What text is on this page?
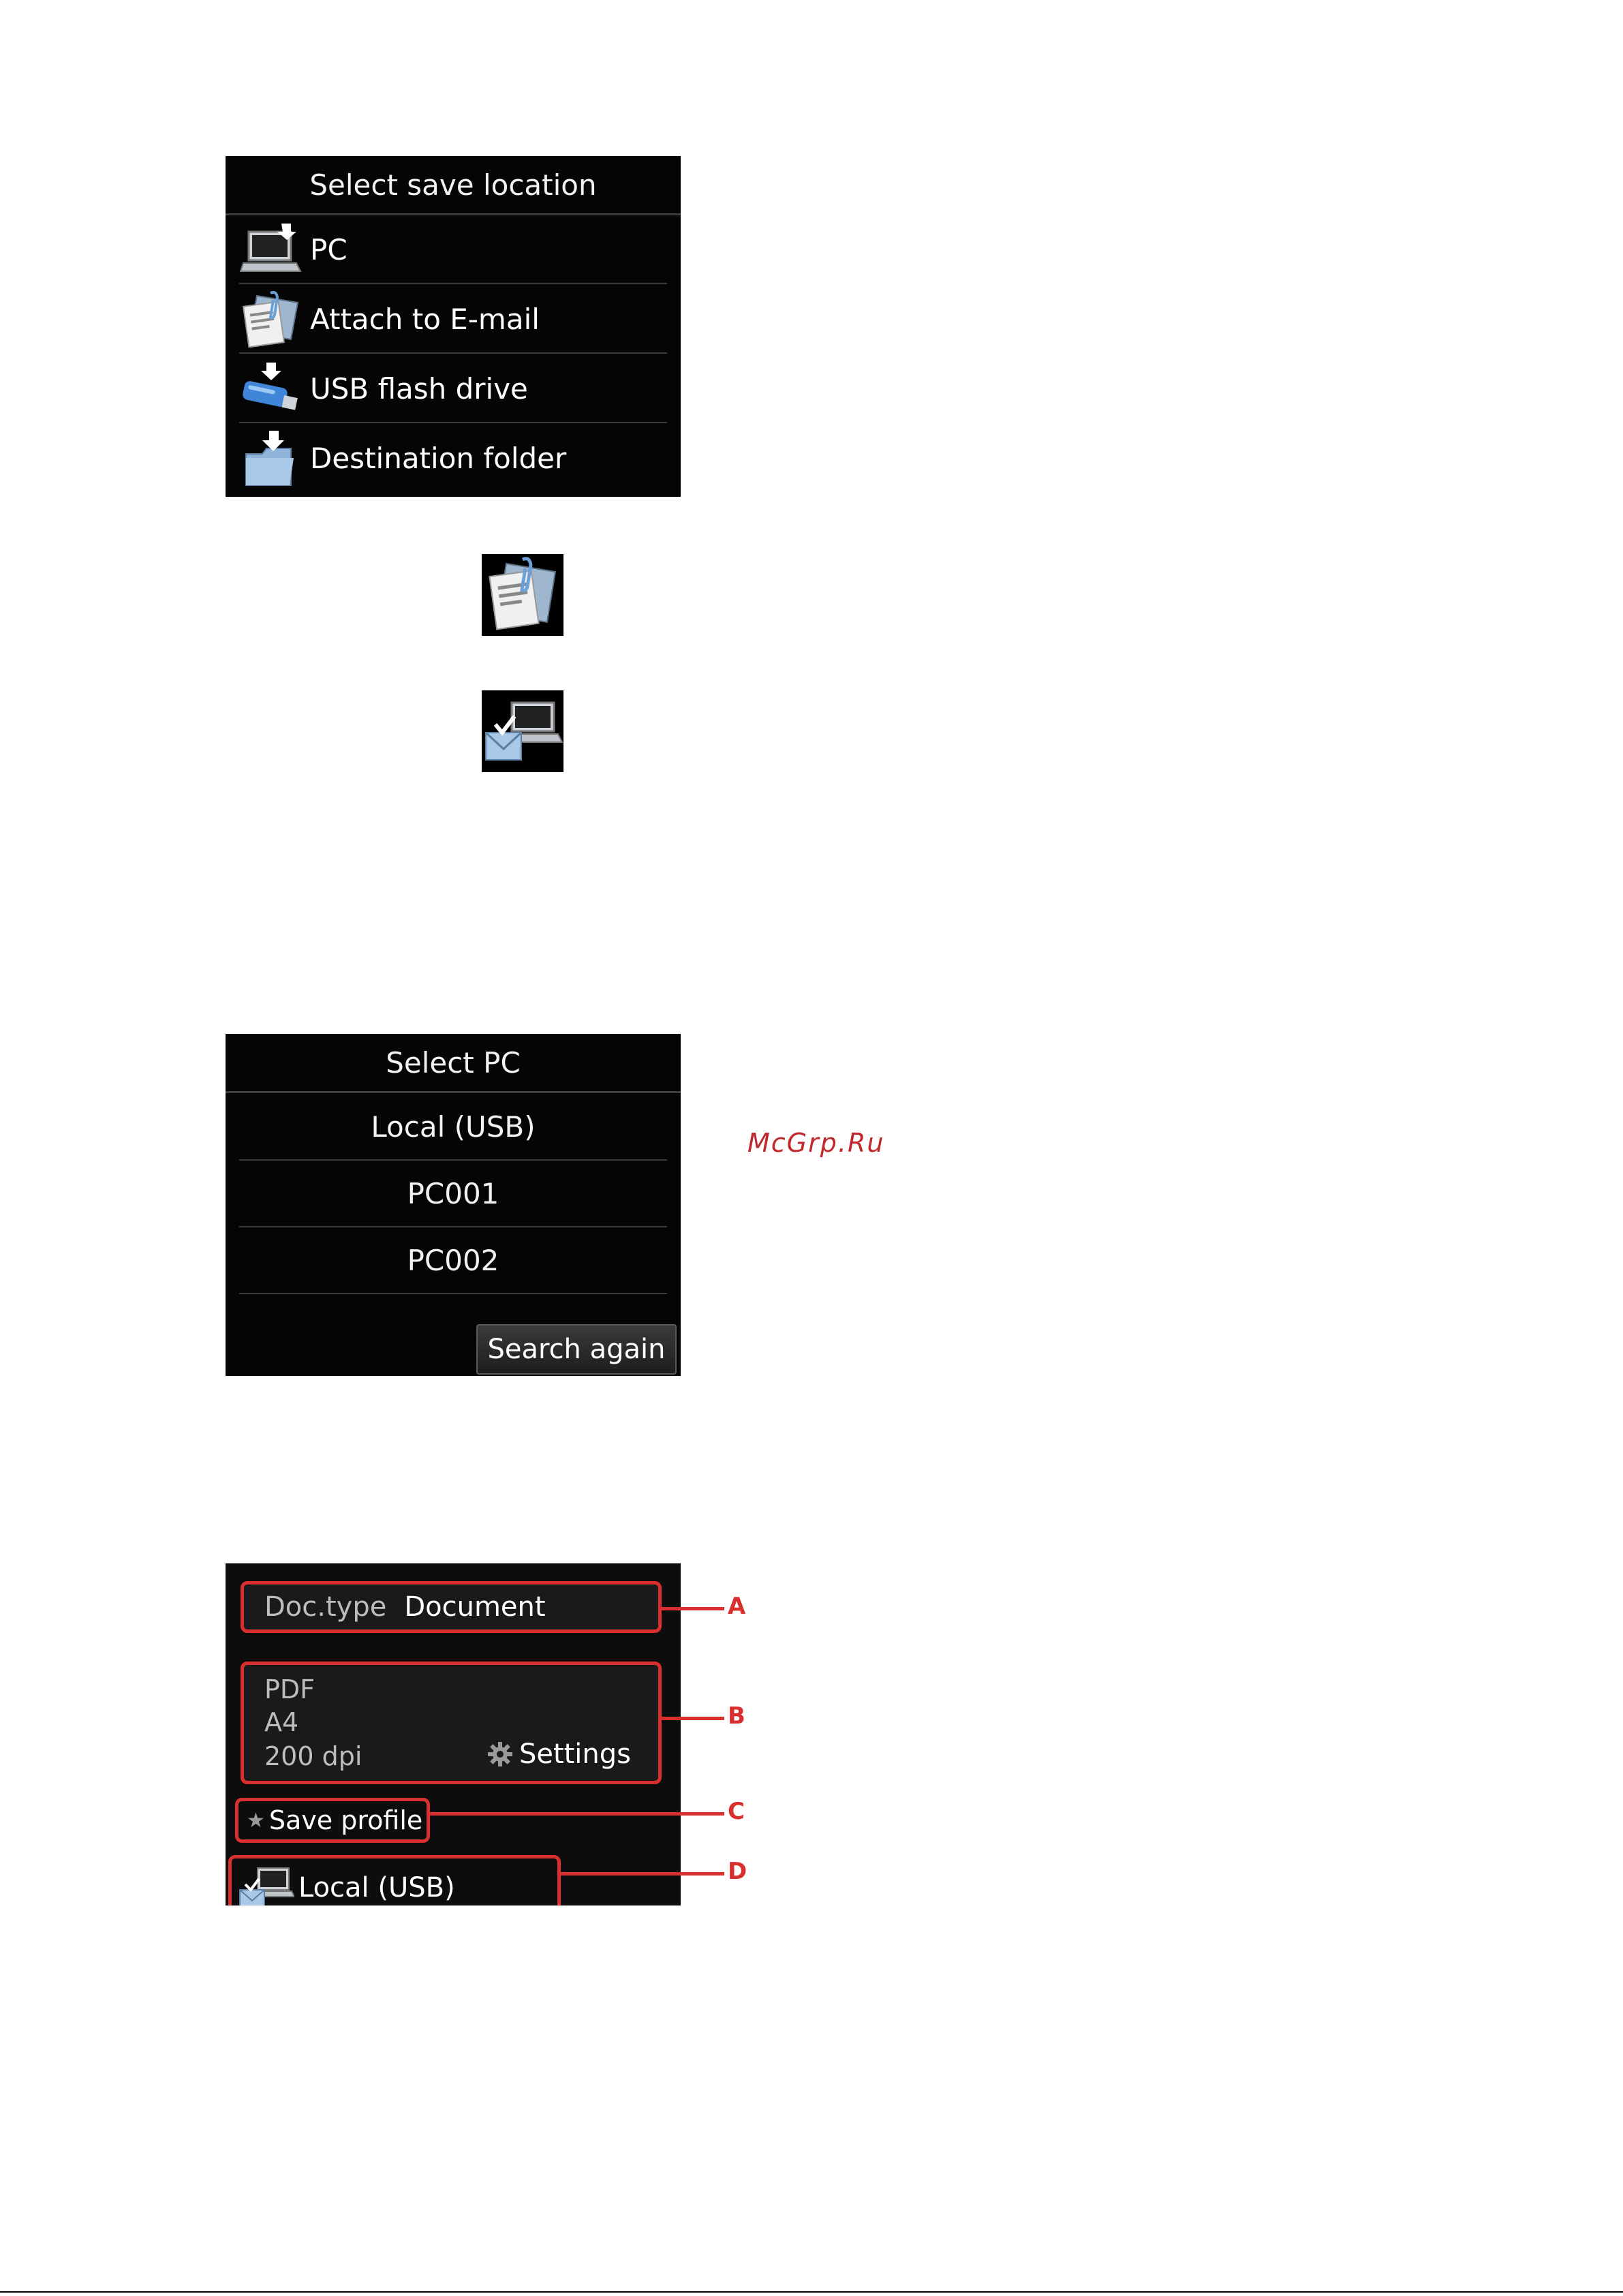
Select save location
PC
Attach to E-mail
USB flash drive
Destination folder
Select PC
Local (USB)
PC001
PC002
Search again
McGrp.Ru
Doc.type Document
PDF
A4
200 dpi	Settings
★ Save profile
Local (USB)
A
B
C
D
